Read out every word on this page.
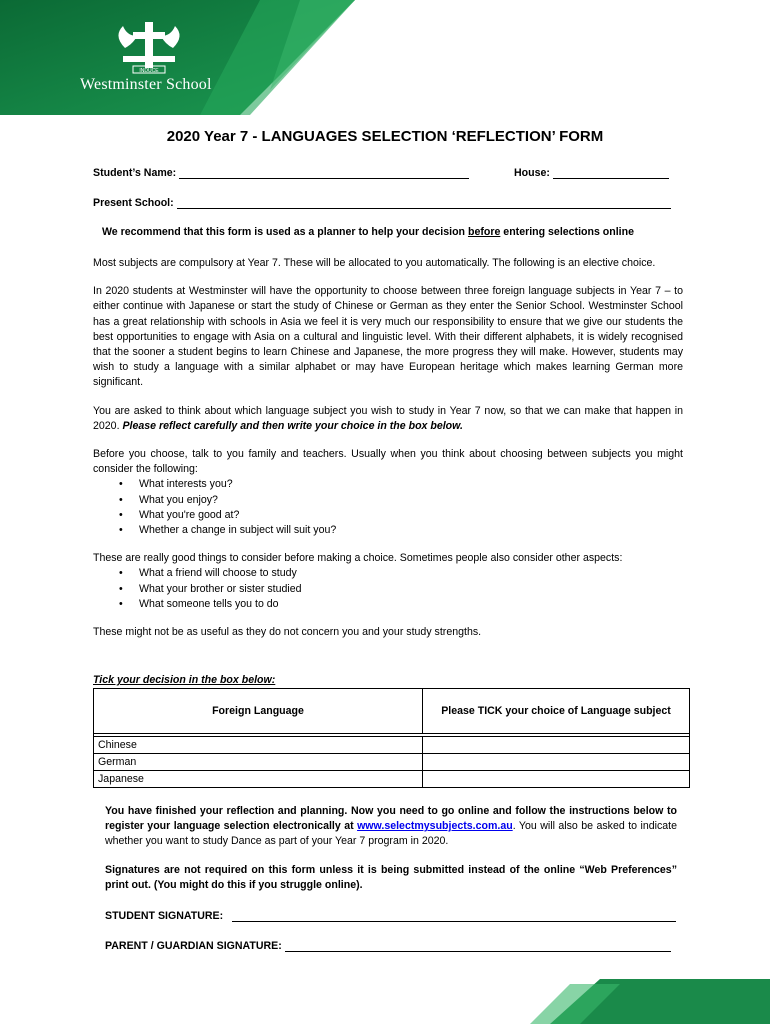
INDUCE
Westminster School
2020 Year 7 - LANGUAGES SELECTION ‘REFLECTION’ FORM
Student’s Name:	House:
Present School:
We recommend that this form is used as a planner to help your decision before entering selections online

Most subjects are compulsory at Year 7. These will be allocated to you automatically. The following is an elective choice.

In 2020 students at Westminster will have the opportunity to choose between three foreign language subjects in Year 7 – to either continue with Japanese or start the study of Chinese or German as they enter the Senior School. Westminster School has a great relationship with schools in Asia we feel it is very much our responsibility to ensure that we give our students the best opportunities to engage with Asia on a cultural and linguistic level. With their different alphabets, it is widely recognised that the sooner a student begins to learn Chinese and Japanese, the more progress they will make. However, students may wish to study a language with a similar alphabet or may have European heritage which makes learning German more significant.

You are asked to think about which language subject you wish to study in Year 7 now, so that we can make that happen in 2020. Please reflect carefully and then write your choice in the box below.

Before you choose, talk to you family and teachers. Usually when you think about choosing between subjects you might consider the following:

• What interests you?
• What you enjoy?
• What you're good at?
• Whether a change in subject will suit you?

These are really good things to consider before making a choice. Sometimes people also consider other aspects:

• What a friend will choose to study
• What your brother or sister studied
• What someone tells you to do

These might not be as useful as they do not concern you and your study strengths.

Tick your decision in the box below:
Foreign Language	Please TICK your choice of Language subject

Chinese	
German	
Japanese	

You have finished your reflection and planning. Now you need to go online and follow the instructions below to register your language selection electronically at www.selectmysubjects.com.au. You will also be asked to indicate whether you want to study Dance as part of your Year 7 program in 2020.

Signatures are not required on this form unless it is being submitted instead of the online “Web Preferences” print out. (You might do this if you struggle online).

STUDENT SIGNATURE:
PARENT / GUARDIAN SIGNATURE:
